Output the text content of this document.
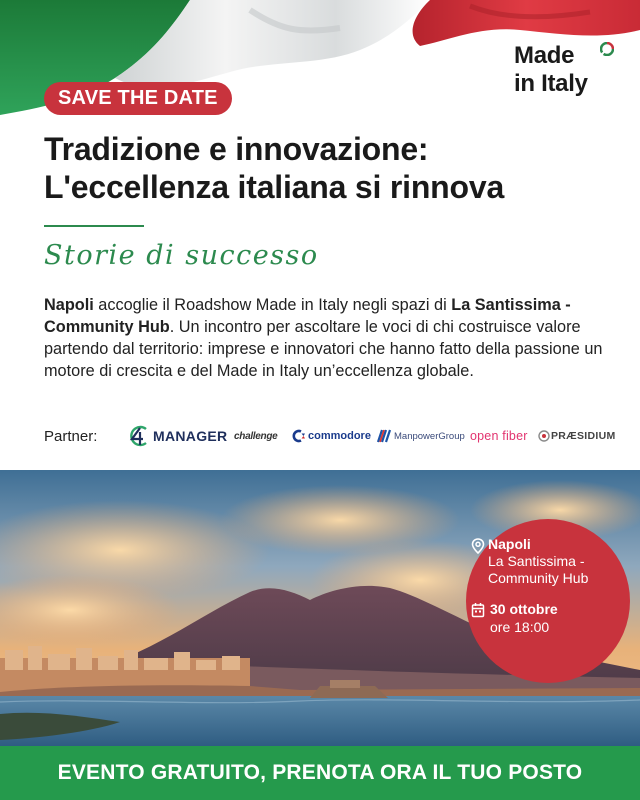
Made
in Italy
SAVE THE DATE
Tradizione e innovazione:
L'eccellenza italiana si rinnova
Storie di successo

Napoli accoglie il Roadshow Made in Italy negli spazi di La Santissima - Community Hub. Un incontro per ascoltare le voci di chi costruisce valore partendo dal territorio: imprese e innovatori che hanno fatto della passione un motore di crescita e del Made in Italy un’eccellenza globale.

Partner:	MANAGER challenge	commodore ManpowerGroup open fiber PRÆSIDIUM
Napoli
La Santissima - Community Hub
30 ottobre
ore 18:00
EVENTO GRATUITO, PRENOTA ORA IL TUO POSTO
